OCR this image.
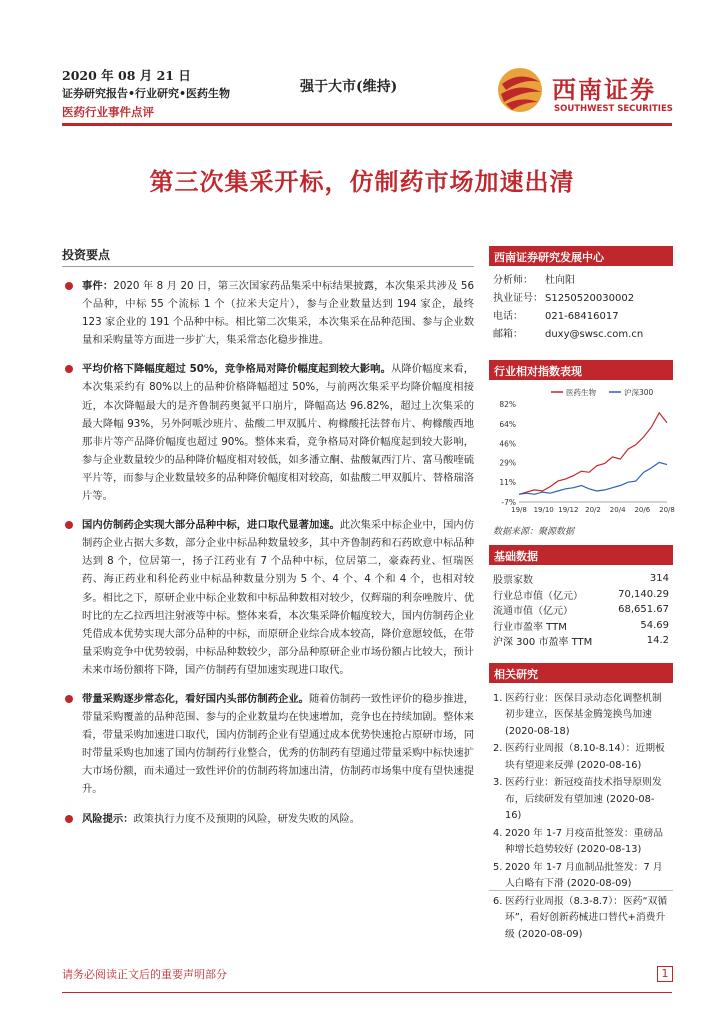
2020 年 08 月 21 日
证券研究报告•行业研究•医药生物
医药行业事件点评
强于大市(维持)	西南证券
SOUTHWEST SECURITIES
第三次集采开标，仿制药市场加速出清
投资要点
事件：2020 年 8 月 20 日，第三次国家药品集采中标结果披露，本次集采共涉及 56 个品种，中标 55 个流标 1 个（拉米夫定片），参与企业数量达到 194 家企，最终 123 家企业的 191 个品种中标。相比第二次集采，本次集采在品种范围、参与企业数量和采购量等方面进一步扩大，集采常态化稳步推进。
平均价格下降幅度超过 50%，竞争格局对降价幅度起到较大影响。从降价幅度来看，本次集采约有 80%以上的品种价格降幅超过 50%，与前两次集采平均降价幅度相接近，本次降幅最大的是齐鲁制药奥氮平口崩片，降幅高达 96.82%，超过上次集采的最大降幅 93%，另外阿哌沙班片、盐酸二甲双胍片、枸橼酸托法替布片、枸橼酸西地那非片等产品降价幅度也超过 90%。整体来看，竞争格局对降价幅度起到较大影响，参与企业数量较少的品种降价幅度相对较低，如多潘立酮、盐酸氟西汀片、富马酸喹硫平片等，而参与企业数量较多的品种降价幅度相对较高，如盐酸二甲双胍片、替格瑞洛片等。
国内仿制药企实现大部分品种中标，进口取代显著加速。此次集采中标企业中，国内仿制药企业占据大多数，部分企业中标品种数量较多，其中齐鲁制药和石药欧意中标品种达到 8 个，位居第一，扬子江药业有 7 个品种中标，位居第二，豪森药业、恒瑞医药、海正药业和科伦药业中标品种数量分别为 5 个、4 个、4 个和 4 个，也相对较多。相比之下，原研企业中标企业数和中标品种数相对较少，仅辉瑞的利奈唑胺片、优时比的左乙拉西坦注射液等中标。整体来看，本次集采降价幅度较大，国内仿制药企业凭借成本优势实现大部分品种的中标，而原研企业综合成本较高，降价意愿较低，在带量采购竞争中优势较弱，中标品种数较少，部分品种原研企业市场份额占比较大，预计未来市场份额将下降，国产仿制药有望加速实现进口取代。
带量采购逐步常态化，看好国内头部仿制药企业。随着仿制药一致性评价的稳步推进，带量采购覆盖的品种范围、参与的企业数量均在快速增加，竞争也在持续加剧。整体来看，带量采购加速进口取代，国内仿制药企业有望通过成本优势快速抢占原研市场，同时带量采购也加速了国内仿制药行业整合，优秀的仿制药有望通过带量采购中标快速扩大市场份额，而未通过一致性评价的仿制药将加速出清，仿制药市场集中度有望快速提升。
风险提示：政策执行力度不及预期的风险，研发失败的风险。
西南证券研究发展中心
分析师： 杜向阳
执业证号： S1250520030002
电话： 021-68416017
邮箱： duxy@swsc.com.cn
行业相对指数表现
82%
64%
46%
29%
11%
-7%
19/8 19/10 19/12 20/2 20/4 20/6 20/8
医药生物	沪深300
数据来源：聚源数据
基础数据
股票家数	314
行业总市值（亿元）	70,140.29
流通市值（亿元）	68,651.67
行业市盈率 TTM	54.69
沪深 300 市盈率 TTM	14.2
相关研究
1. 医药行业：医保目录动态化调整机制初步建立，医保基金腾笼换鸟加速 (2020-08-18)
2. 医药行业周报（8.10-8.14）：近期板块有望迎来反弹 (2020-08-16)
3. 医药行业：新冠疫苗技术指导原则发布，后续研发有望加速 (2020-08-16)
4. 2020 年 1-7 月疫苗批签发：重磅品种增长趋势较好 (2020-08-13)
5. 2020 年 1-7 月血制品批签发：7 月人白略有下滑 (2020-08-09)
6. 医药行业周报（8.3-8.7）：医药“双循环”，看好创新药械进口替代+消费升级 (2020-08-09)
请务必阅读正文后的重要声明部分	1
